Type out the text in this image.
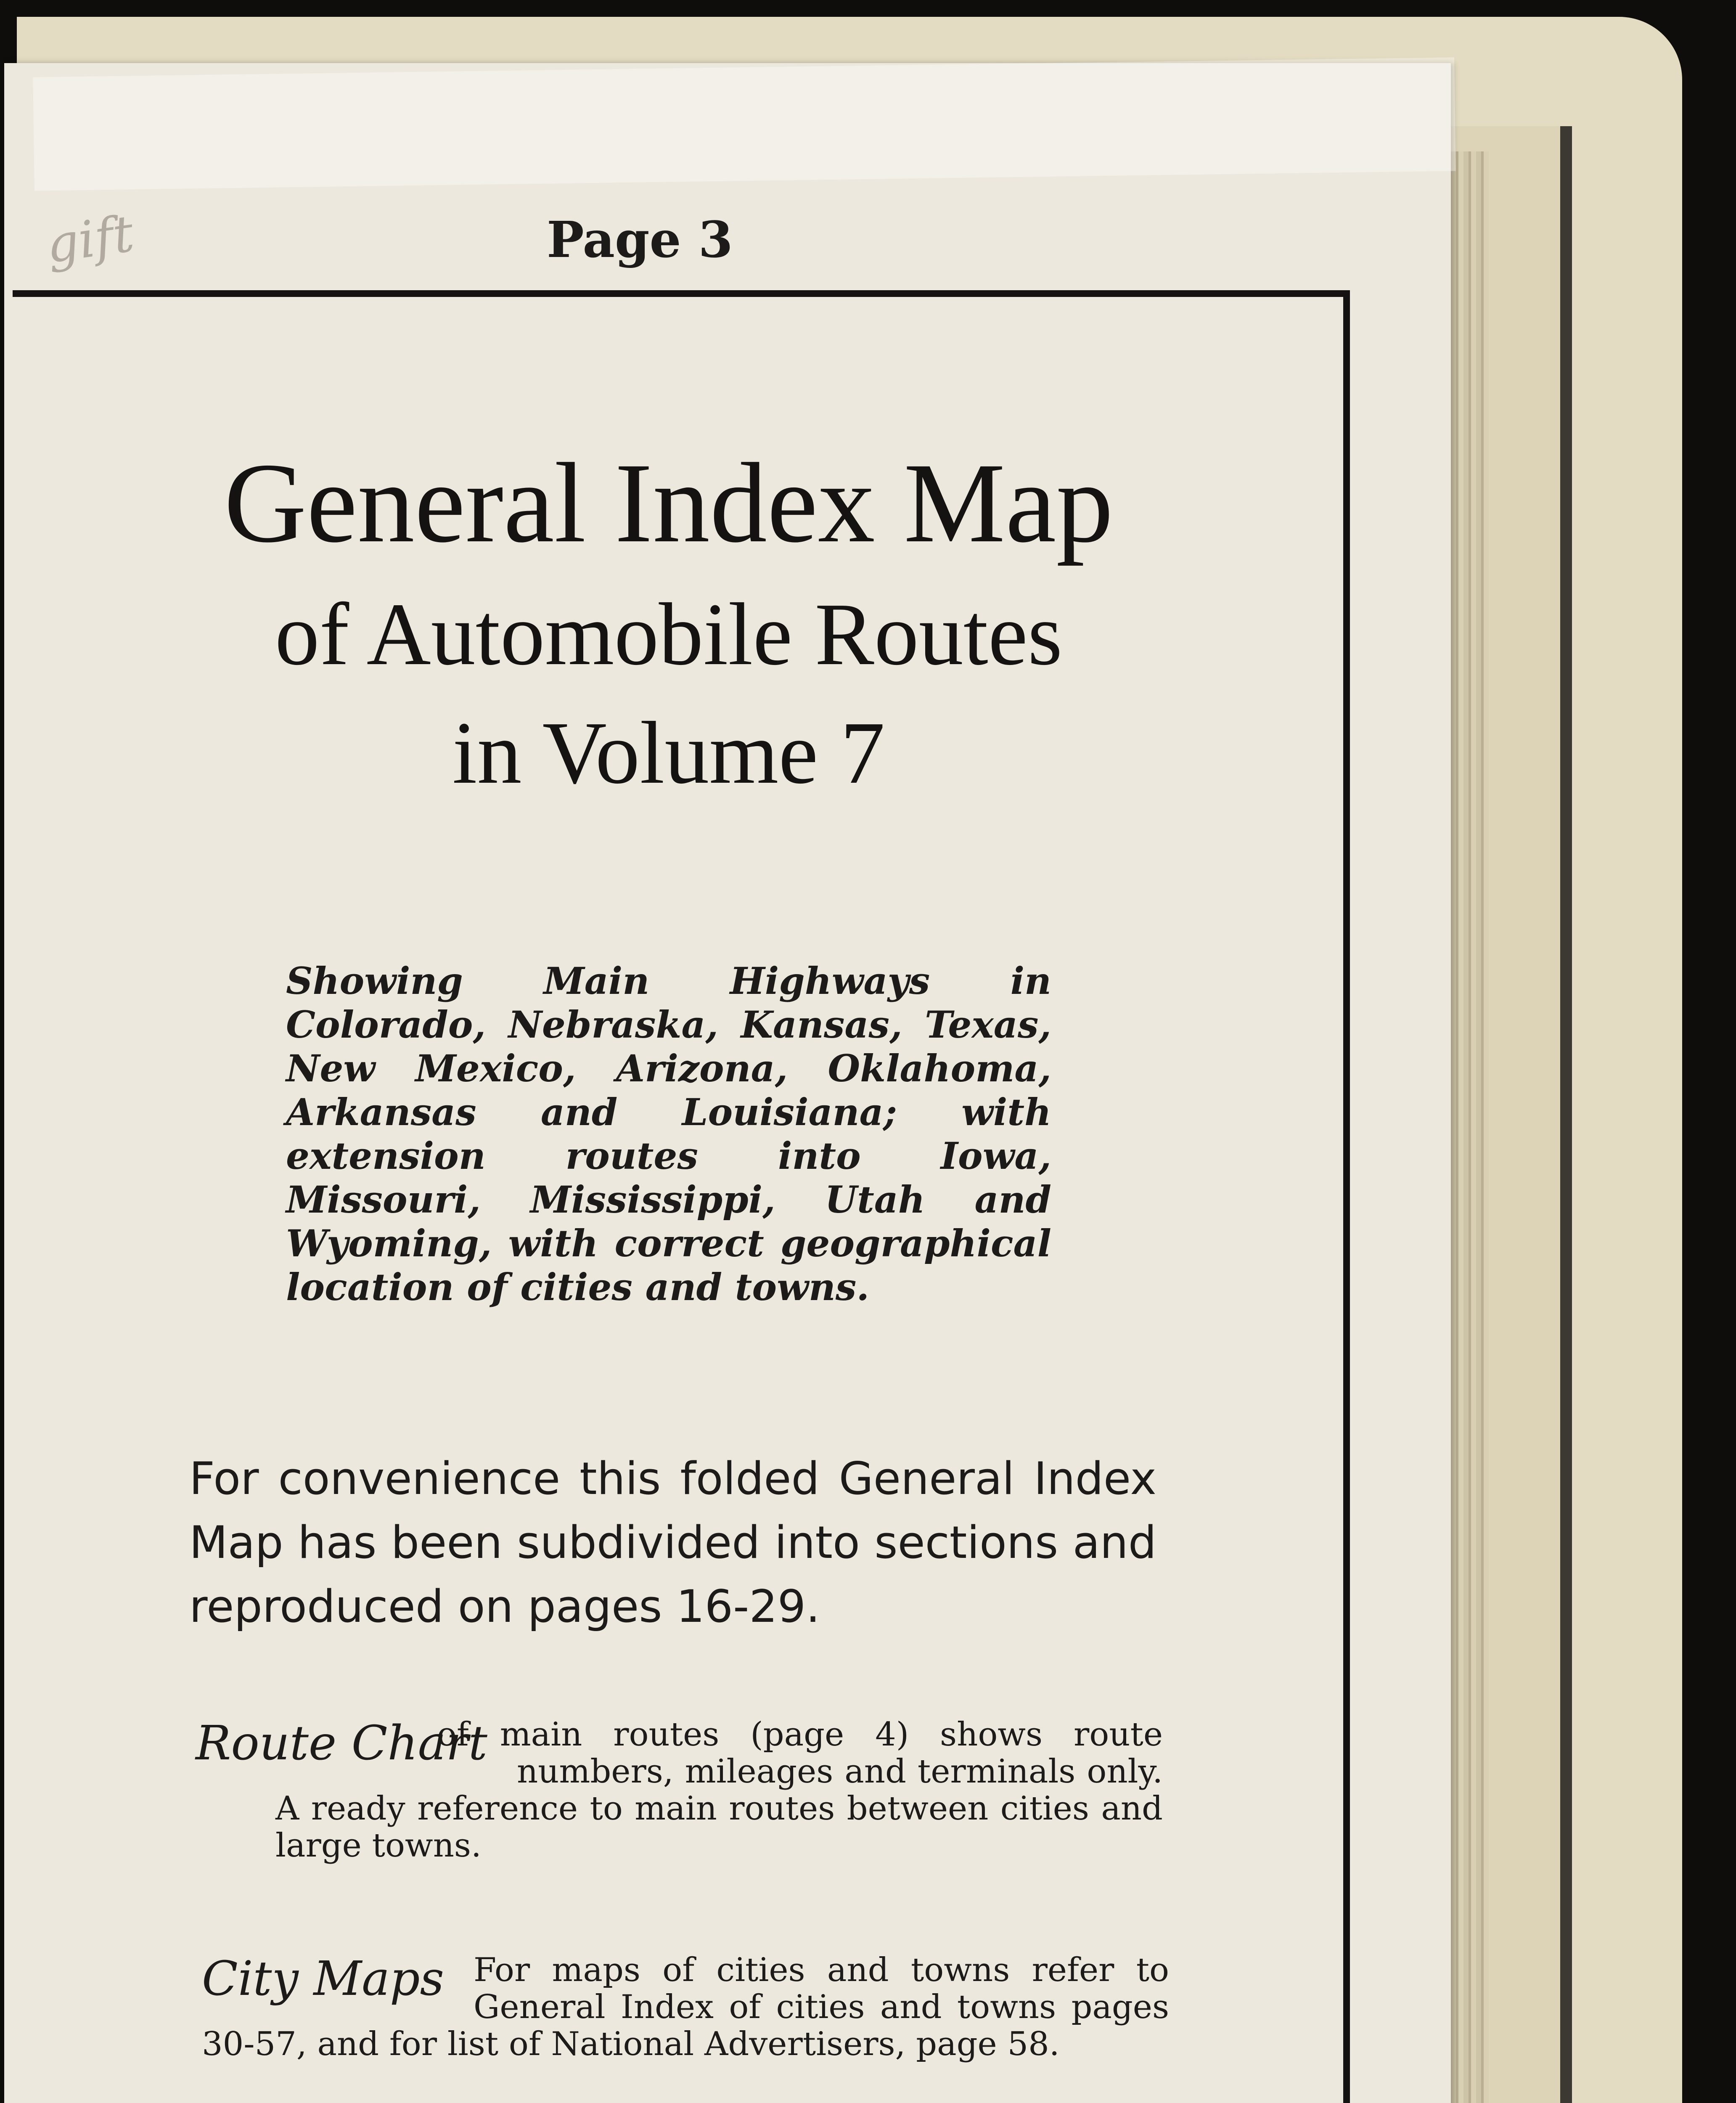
gift	Page 3
General Index Map
of Automobile Routes
in Volume 7

Showing Main Highways in Colorado, Nebraska, Kansas, Texas, New Mexico, Arizona, Oklahoma, Arkansas and Louisiana; with extension routes into Iowa, Missouri, Mississippi, Utah and Wyoming, with correct geographical location of cities and towns.

For convenience this folded General Index Map has been subdivided into sections and reproduced on pages 16-29.

Route Chart

of main routes (page 4) shows route numbers, mileages and terminals only. A ready reference to main routes between cities and large towns.

City Maps For maps of cities and towns refer to General Index of cities and towns pages 30-57, and for list of National Advertisers, page 58.
